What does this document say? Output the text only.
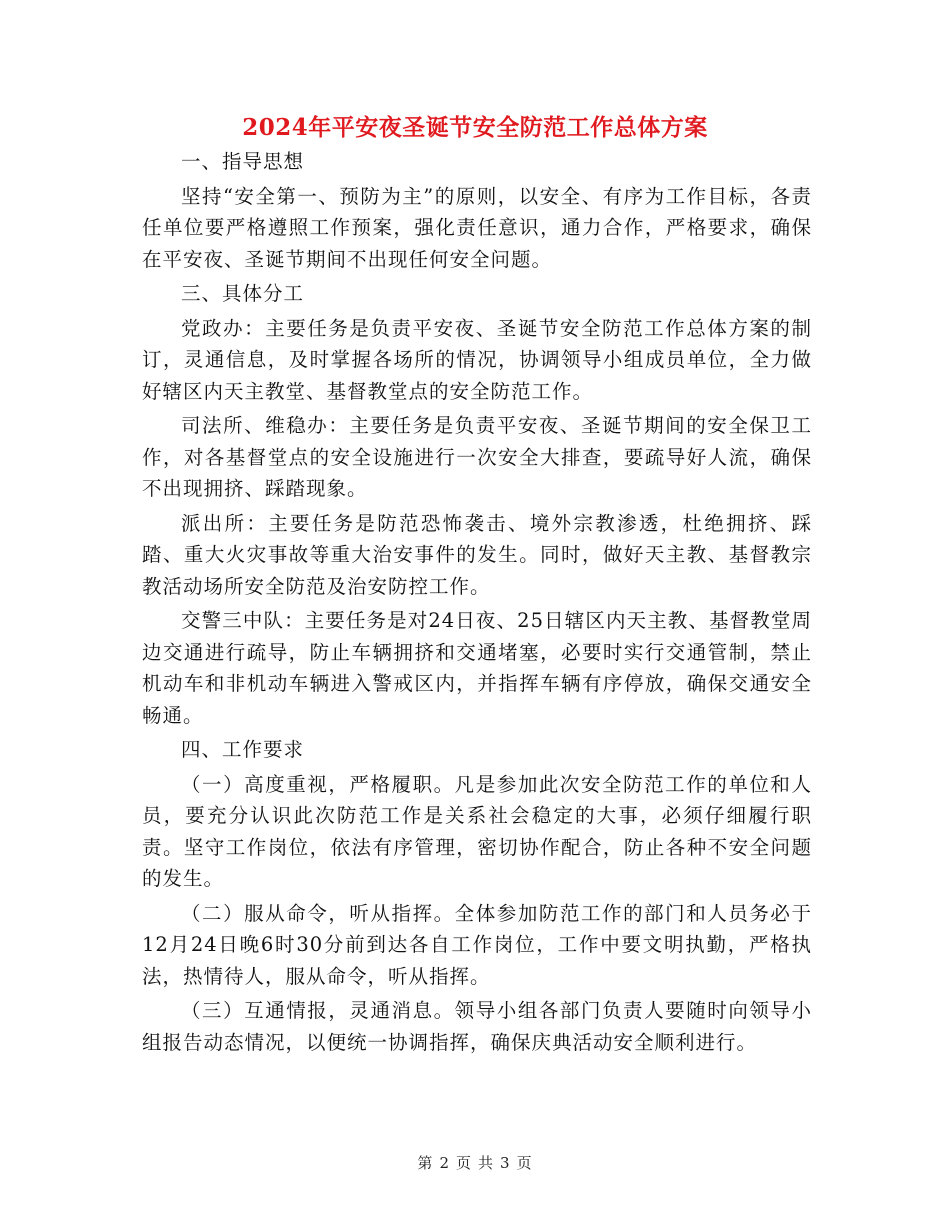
2024年平安夜圣诞节安全防范工作总体方案

一、指导思想

坚持“安全第一、预防为主”的原则，以安全、有序为工作目标，各责任单位要严格遵照工作预案，强化责任意识，通力合作，严格要求，确保在平安夜、圣诞节期间不出现任何安全问题。

三、具体分工

党政办：主要任务是负责平安夜、圣诞节安全防范工作总体方案的制订，灵通信息，及时掌握各场所的情况，协调领导小组成员单位，全力做好辖区内天主教堂、基督教堂点的安全防范工作。

司法所、维稳办：主要任务是负责平安夜、圣诞节期间的安全保卫工作，对各基督堂点的安全设施进行一次安全大排查，要疏导好人流，确保不出现拥挤、踩踏现象。

派出所：主要任务是防范恐怖袭击、境外宗教渗透，杜绝拥挤、踩踏、重大火灾事故等重大治安事件的发生。同时，做好天主教、基督教宗教活动场所安全防范及治安防控工作。

交警三中队：主要任务是对24日夜、25日辖区内天主教、基督教堂周边交通进行疏导，防止车辆拥挤和交通堵塞，必要时实行交通管制，禁止机动车和非机动车辆进入警戒区内，并指挥车辆有序停放，确保交通安全畅通。

四、工作要求

（一）高度重视，严格履职。凡是参加此次安全防范工作的单位和人员，要充分认识此次防范工作是关系社会稳定的大事，必须仔细履行职责。坚守工作岗位，依法有序管理，密切协作配合，防止各种不安全问题的发生。

（二）服从命令，听从指挥。全体参加防范工作的部门和人员务必于12月24日晚6时30分前到达各自工作岗位，工作中要文明执勤，严格执法，热情待人，服从命令，听从指挥。

（三）互通情报，灵通消息。领导小组各部门负责人要随时向领导小组报告动态情况，以便统一协调指挥，确保庆典活动安全顺利进行。

第 2 页 共 3 页
